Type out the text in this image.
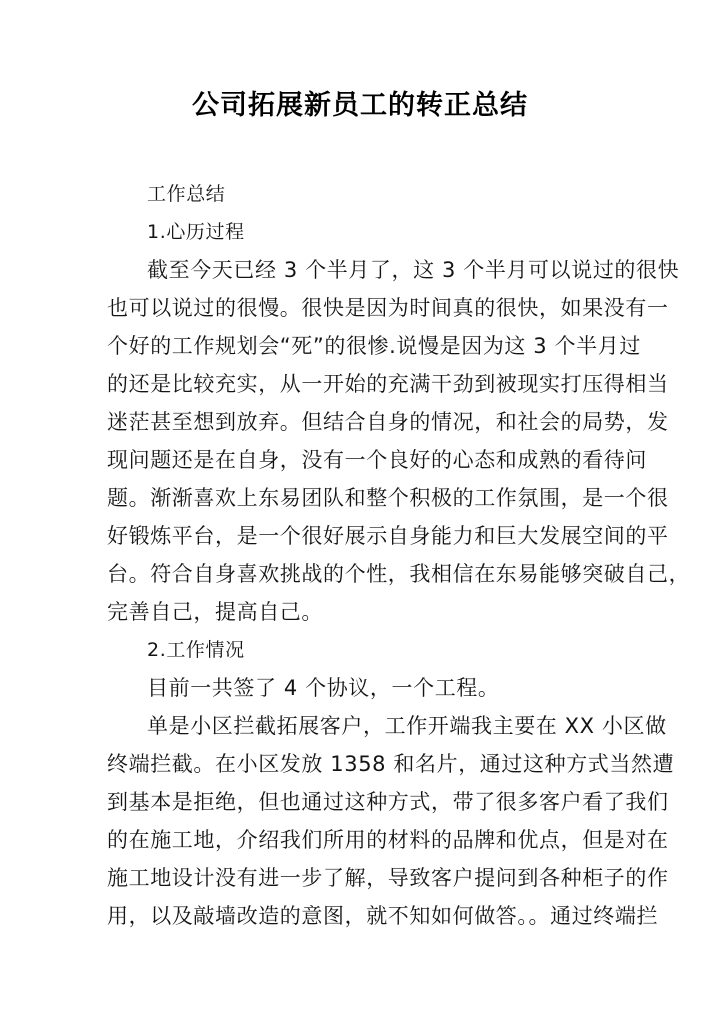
公司拓展新员工的转正总结
工作总结
1.心历过程
截至今天已经 3 个半月了，这 3 个半月可以说过的很快
也可以说过的很慢。很快是因为时间真的很快，如果没有一
个好的工作规划会“死”的很惨.说慢是因为这 3 个半月过
的还是比较充实，从一开始的充满干劲到被现实打压得相当
迷茫甚至想到放弃。但结合自身的情况，和社会的局势，发
现问题还是在自身，没有一个良好的心态和成熟的看待问
题。渐渐喜欢上东易团队和整个积极的工作氛围，是一个很
好锻炼平台，是一个很好展示自身能力和巨大发展空间的平
台。符合自身喜欢挑战的个性，我相信在东易能够突破自己，
完善自己，提高自己。
2.工作情况
目前一共签了 4 个协议，一个工程。
单是小区拦截拓展客户，工作开端我主要在 XX 小区做
终端拦截。在小区发放 1358 和名片，通过这种方式当然遭
到基本是拒绝，但也通过这种方式，带了很多客户看了我们
的在施工地，介绍我们所用的材料的品牌和优点，但是对在
施工地设计没有进一步了解，导致客户提问到各种柜子的作
用，以及敲墙改造的意图，就不知如何做答。。通过终端拦
